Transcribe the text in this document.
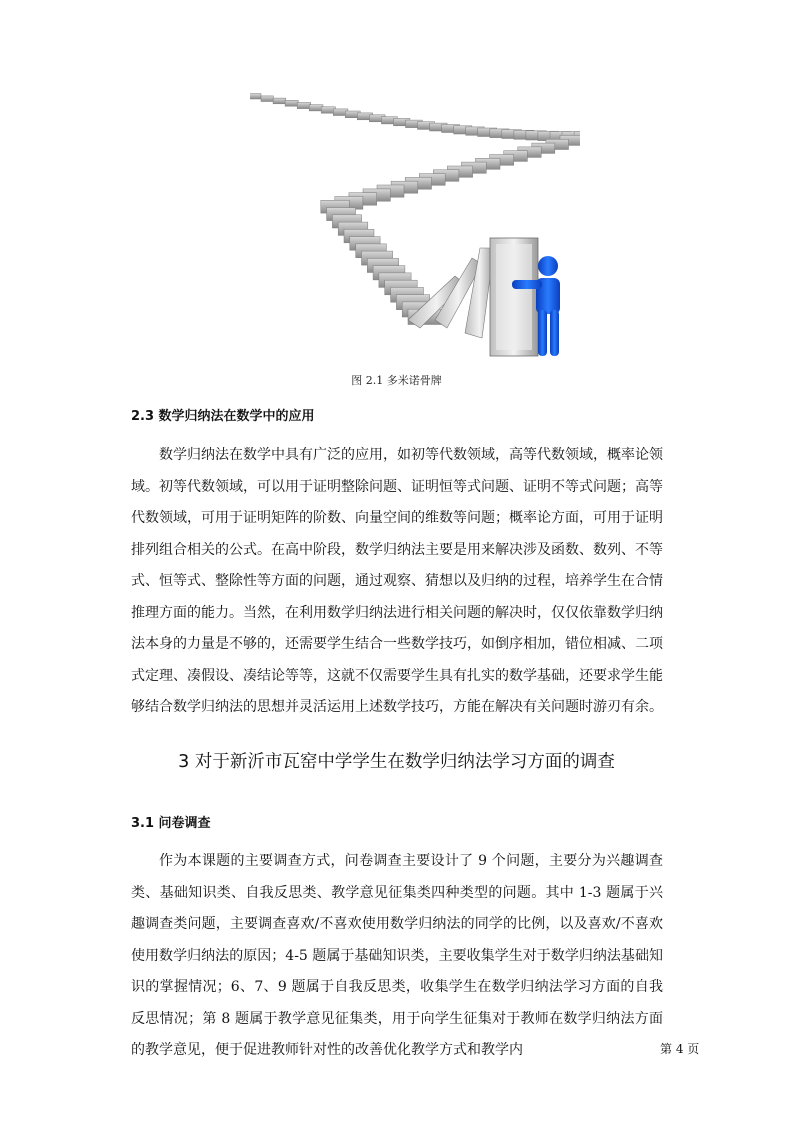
图 2.1 多米诺骨牌
2.3 数学归纳法在数学中的应用

数学归纳法在数学中具有广泛的应用，如初等代数领域，高等代数领域，概率论领域。初等代数领域，可以用于证明整除问题、证明恒等式问题、证明不等式问题；高等代数领域，可用于证明矩阵的阶数、向量空间的维数等问题；概率论方面，可用于证明排列组合相关的公式。在高中阶段，数学归纳法主要是用来解决涉及函数、数列、不等式、恒等式、整除性等方面的问题，通过观察、猜想以及归纳的过程，培养学生在合情推理方面的能力。当然，在利用数学归纳法进行相关问题的解决时，仅仅依靠数学归纳法本身的力量是不够的，还需要学生结合一些数学技巧，如倒序相加，错位相减、二项式定理、凑假设、凑结论等等，这就不仅需要学生具有扎实的数学基础，还要求学生能够结合数学归纳法的思想并灵活运用上述数学技巧，方能在解决有关问题时游刃有余。

3 对于新沂市瓦窑中学学生在数学归纳法学习方面的调查
3.1 问卷调查

作为本课题的主要调查方式，问卷调查主要设计了 9 个问题，主要分为兴趣调查类、基础知识类、自我反思类、教学意见征集类四种类型的问题。其中 1-3 题属于兴趣调查类问题，主要调查喜欢/不喜欢使用数学归纳法的同学的比例，以及喜欢/不喜欢使用数学归纳法的原因；4-5 题属于基础知识类，主要收集学生对于数学归纳法基础知识的掌握情况；6、7、9 题属于自我反思类，收集学生在数学归纳法学习方面的自我反思情况；第 8 题属于教学意见征集类，用于向学生征集对于教师在数学归纳法方面的教学意见，便于促进教师针对性的改善优化教学方式和教学内	第 4 页
